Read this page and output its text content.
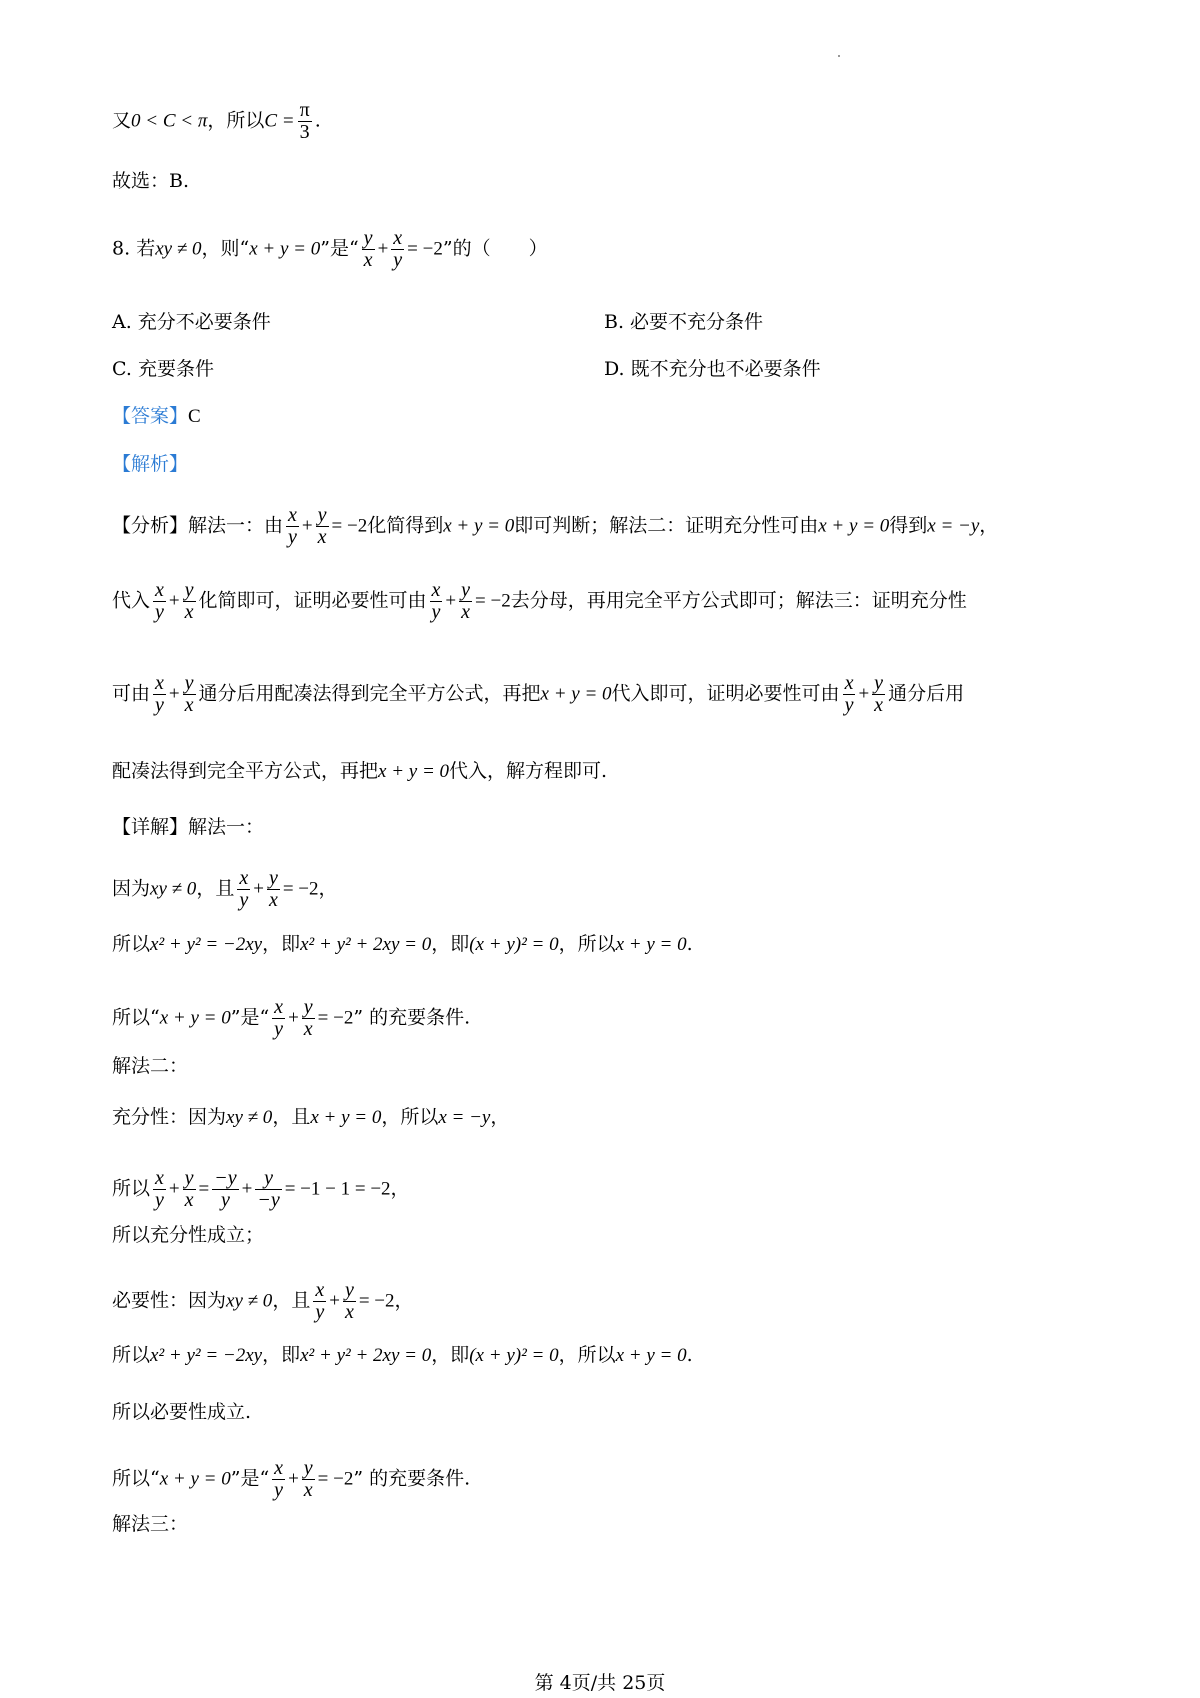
又0 < C < π，所以$C = \frac{\pi}{3}$ .
故选：B.
8. 若xy ≠ 0，则“x + y = 0”是“ $\frac{y}{x} + \frac{x}{y} = -2$”的（　　）
A. 充分不必要条件	B. 必要不充分条件
C. 充要条件	D. 既不充分也不必要条件
【答案】C
【解析】
【分析】解法一：由 $\frac{x}{y} + \frac{y}{x} = -2$化简得到x + y = 0即可判断；解法二：证明充分性可由x + y = 0得到x = −y，
代入 $\frac{x}{y} + \frac{y}{x}$ 化简即可，证明必要性可由 $\frac{x}{y} + \frac{y}{x} = -2$去分母，再用完全平方公式即可；解法三：证明充分性
可由 $\frac{x}{y} + \frac{y}{x}$ 通分后用配凑法得到完全平方公式，再把x + y = 0代入即可，证明必要性可由 $\frac{x}{y} + \frac{y}{x}$ 通分后用
配凑法得到完全平方公式，再把x + y = 0代入，解方程即可.
【详解】解法一：
因为xy ≠ 0，且 $\frac{x}{y} + \frac{y}{x} = -2$，
所以x² + y² = −2xy，即x² + y² + 2xy = 0，即(x + y)² = 0，所以x + y = 0.
所以“x + y = 0”是“ $\frac{x}{y} + \frac{y}{x} = -2$” 的充要条件.
解法二：
充分性：因为xy ≠ 0，且x + y = 0，所以x = −y，
所以 $\frac{x}{y} + \frac{y}{x} = \frac{-y}{y} + \frac{y}{-y} = -1 - 1 = -2$，
所以充分性成立；
必要性：因为xy ≠ 0，且 $\frac{x}{y} + \frac{y}{x} = -2$，
所以x² + y² = −2xy，即x² + y² + 2xy = 0，即(x + y)² = 0，所以x + y = 0.
所以必要性成立.
所以“x + y = 0”是“ $\frac{x}{y} + \frac{y}{x} = -2$” 的充要条件.
解法三：
第 4页/共 25页
